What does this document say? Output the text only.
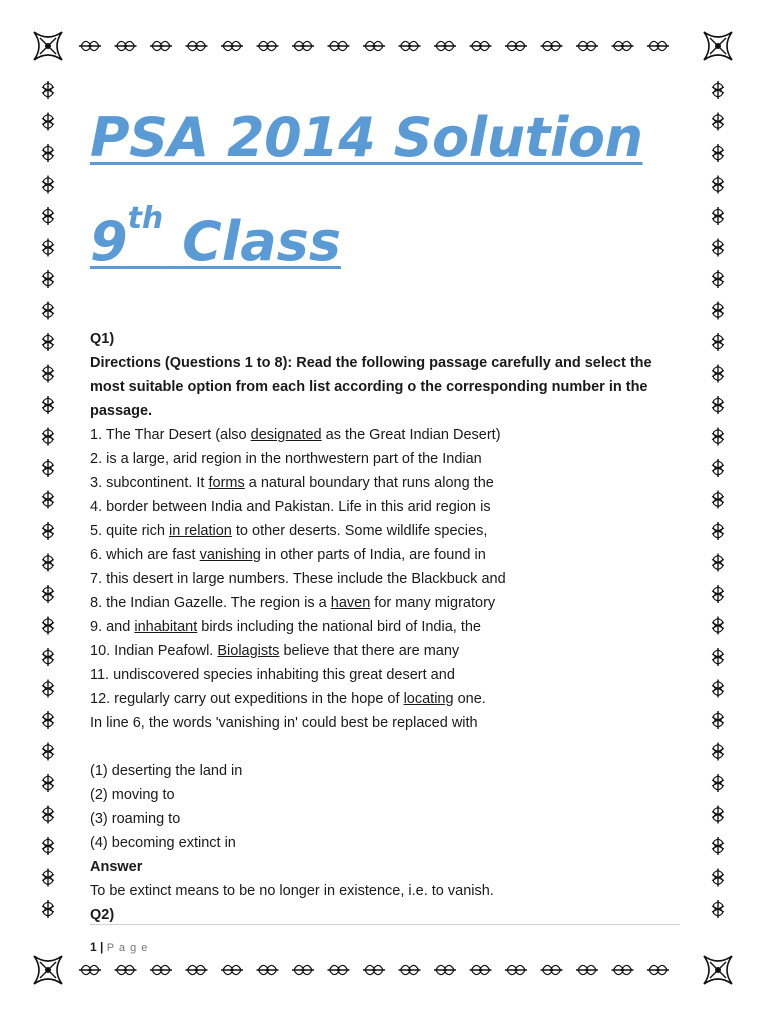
PSA 2014 Solution
9th Class

Q1)

Directions (Questions 1 to 8): Read the following passage carefully and select the most suitable option from each list according o the corresponding number in the passage.

1. The Thar Desert (also designated as the Great Indian Desert)

2. is a large, arid region in the northwestern part of the Indian

3. subcontinent. It forms a natural boundary that runs along the

4. border between India and Pakistan. Life in this arid region is

5. quite rich in relation to other deserts. Some wildlife species,

6. which are fast vanishing in other parts of India, are found in

7. this desert in large numbers. These include the Blackbuck and

8. the Indian Gazelle. The region is a haven for many migratory

9. and inhabitant birds including the national bird of India, the

10. Indian Peafowl. Biolagists believe that there are many

11. undiscovered species inhabiting this great desert and

12. regularly carry out expeditions in the hope of locating one.

In line 6, the words 'vanishing in' could best be replaced with

(1) deserting the land in

(2) moving to

(3) roaming to

(4) becoming extinct in

Answer

To be extinct means to be no longer in existence, i.e. to vanish.

Q2)

1 | P a g e
